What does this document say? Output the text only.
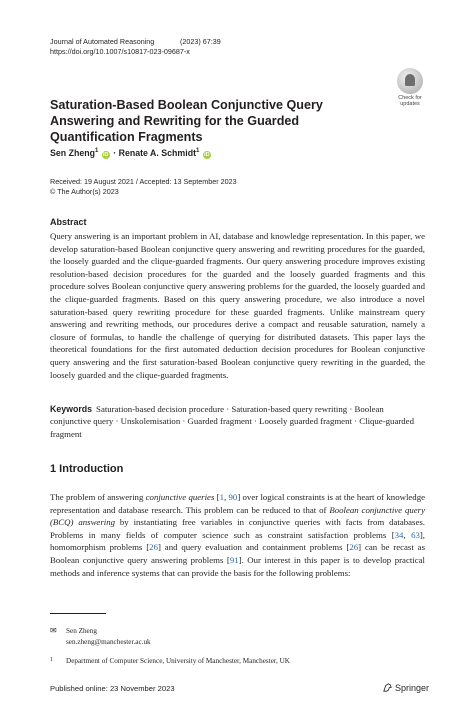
Journal of Automated Reasoning	(2023) 67:39
https://doi.org/10.1007/s10817-023-09687-x
Check for
updates
Saturation-Based Boolean Conjunctive Query Answering and Rewriting for the Guarded Quantification Fragments
Sen Zheng$^1$ iD · Renate A. Schmidt$^1$ iD
Received: 19 August 2021 / Accepted: 13 September 2023
© The Author(s) 2023
Abstract
Query answering is an important problem in AI, database and knowledge representation. In this paper, we develop saturation-based Boolean conjunctive query answering and rewriting procedures for the guarded, the loosely guarded and the clique-guarded fragments. Our query answering procedure improves existing resolution-based decision procedures for the guarded and the loosely guarded fragments and this procedure solves Boolean conjunctive query answering problems for the guarded, the loosely guarded and the clique-guarded fragments. Based on this query answering procedure, we also introduce a novel saturation-based query rewriting procedure for these guarded fragments. Unlike mainstream query answering and rewriting methods, our procedures derive a compact and reusable saturation, namely a closure of formulas, to handle the challenge of querying for distributed datasets. This paper lays the theoretical foundations for the first automated deduction decision procedures for Boolean conjunctive query answering and the first saturation-based Boolean conjunctive query rewriting in the guarded, the loosely guarded and the clique-guarded fragments.
Keywords Saturation-based decision procedure · Saturation-based query rewriting · Boolean conjunctive query · Unskolemisation · Guarded fragment · Loosely guarded fragment · Clique-guarded fragment
1 Introduction
The problem of answering conjunctive queries [1, 90] over logical constraints is at the heart of knowledge representation and database research. This problem can be reduced to that of Boolean conjunctive query (BCQ) answering by instantiating free variables in conjunctive queries with facts from databases. Problems in many fields of computer science such as constraint satisfaction problems [34, 63], homomorphism problems [26] and query evaluation and containment problems [26] can be recast as Boolean conjunctive query answering problems [91]. Our interest in this paper is to develop practical methods and inference systems that can provide the basis for the following problems:
✉ Sen Zheng
sen.zheng@manchester.ac.uk
1 Department of Computer Science, University of Manchester, Manchester, UK
Published online: 23 November 2023	Springer
